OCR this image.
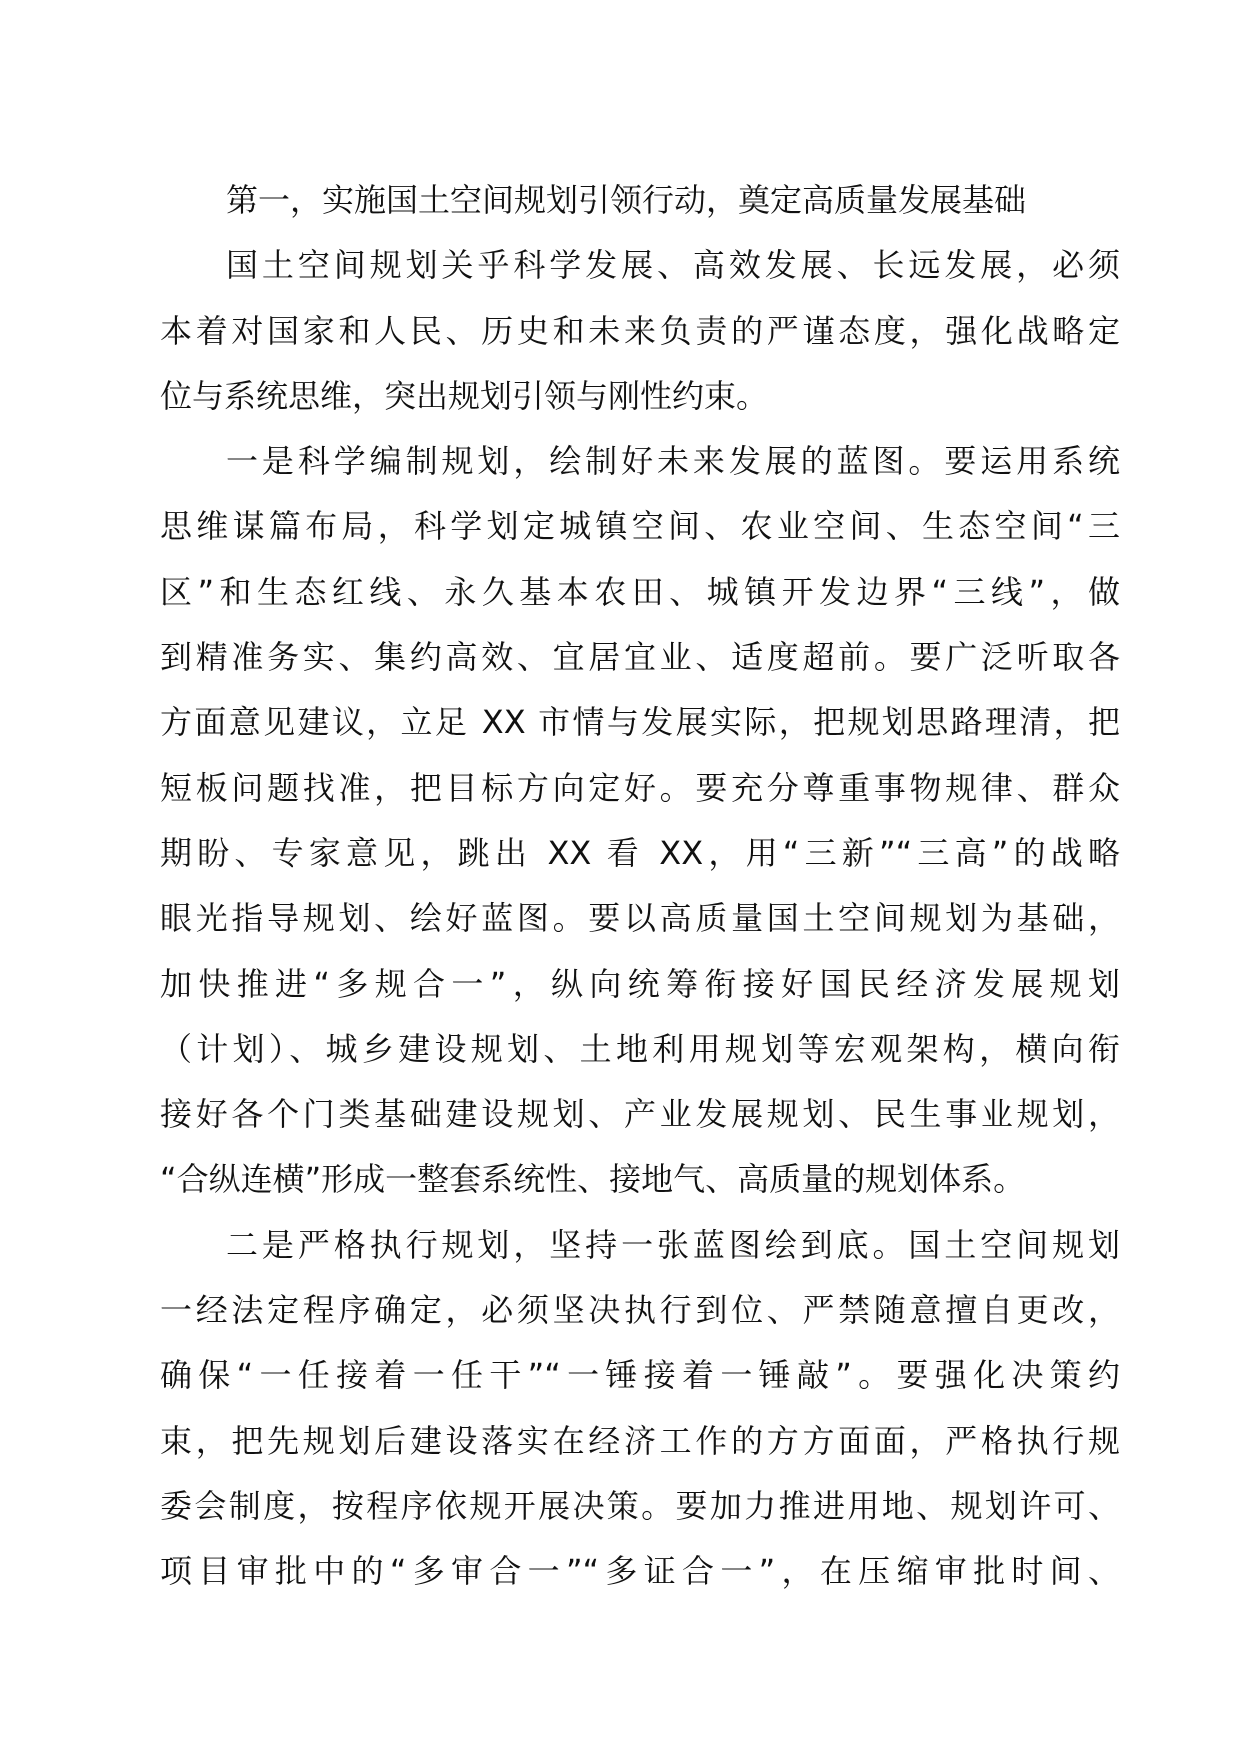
第一，实施国土空间规划引领行动，奠定高质量发展基础
国土空间规划关乎科学发展、高效发展、长远发展，必须
本着对国家和人民、历史和未来负责的严谨态度，强化战略定
位与系统思维，突出规划引领与刚性约束。
一是科学编制规划，绘制好未来发展的蓝图。要运用系统
思维谋篇布局，科学划定城镇空间、农业空间、生态空间“三
区”和生态红线、永久基本农田、城镇开发边界“三线”，做
到精准务实、集约高效、宜居宜业、适度超前。要广泛听取各
方面意见建议，立足 XX 市情与发展实际，把规划思路理清，把
短板问题找准，把目标方向定好。要充分尊重事物规律、群众
期盼、专家意见，跳出 XX 看 XX，用“三新”“三高”的战略
眼光指导规划、绘好蓝图。要以高质量国土空间规划为基础，
加快推进“多规合一”，纵向统筹衔接好国民经济发展规划
（计划）、城乡建设规划、土地利用规划等宏观架构，横向衔
接好各个门类基础建设规划、产业发展规划、民生事业规划，
“合纵连横”形成一整套系统性、接地气、高质量的规划体系。
二是严格执行规划，坚持一张蓝图绘到底。国土空间规划
一经法定程序确定，必须坚决执行到位、严禁随意擅自更改，
确保“一任接着一任干”“一锤接着一锤敲”。要强化决策约
束，把先规划后建设落实在经济工作的方方面面，严格执行规
委会制度，按程序依规开展决策。要加力推进用地、规划许可、
项目审批中的“多审合一”“多证合一”，在压缩审批时间、
